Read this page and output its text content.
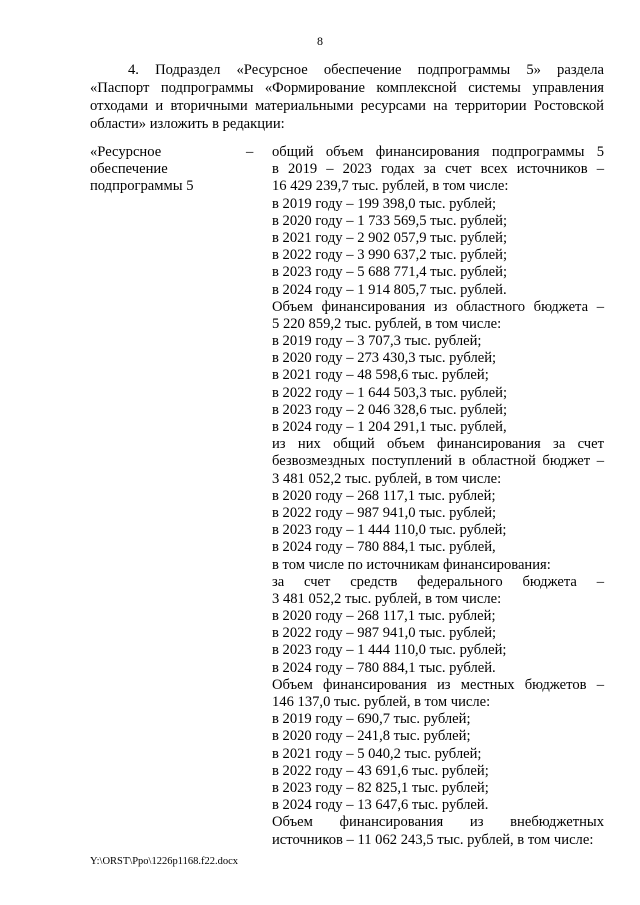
8
4. Подраздел «Ресурсное обеспечение подпрограммы 5» раздела
«Паспорт подпрограммы «Формирование комплексной системы управления
отходами и вторичными материальными ресурсами на территории Ростовской
области» изложить в редакции:
«Ресурсное
обеспечение
подпрограммы 5
– общий объем финансирования подпрограммы 5
в 2019 – 2023 годах за счет всех источников –
16 429 239,7 тыс. рублей, в том числе:
в 2019 году – 199 398,0 тыс. рублей;
в 2020 году – 1 733 569,5 тыс. рублей;
в 2021 году – 2 902 057,9 тыс. рублей;
в 2022 году – 3 990 637,2 тыс. рублей;
в 2023 году – 5 688 771,4 тыс. рублей;
в 2024 году – 1 914 805,7 тыс. рублей.
Объем финансирования из областного бюджета –
5 220 859,2 тыс. рублей, в том числе:
в 2019 году – 3 707,3 тыс. рублей;
в 2020 году – 273 430,3 тыс. рублей;
в 2021 году – 48 598,6 тыс. рублей;
в 2022 году – 1 644 503,3 тыс. рублей;
в 2023 году – 2 046 328,6 тыс. рублей;
в 2024 году – 1 204 291,1 тыс. рублей,
из них общий объем финансирования за счет
безвозмездных поступлений в областной бюджет –
3 481 052,2 тыс. рублей, в том числе:
в 2020 году – 268 117,1 тыс. рублей;
в 2022 году – 987 941,0 тыс. рублей;
в 2023 году – 1 444 110,0 тыс. рублей;
в 2024 году – 780 884,1 тыс. рублей,
в том числе по источникам финансирования:
за счет средств федерального бюджета –
3 481 052,2 тыс. рублей, в том числе:
в 2020 году – 268 117,1 тыс. рублей;
в 2022 году – 987 941,0 тыс. рублей;
в 2023 году – 1 444 110,0 тыс. рублей;
в 2024 году – 780 884,1 тыс. рублей.
Объем финансирования из местных бюджетов –
146 137,0 тыс. рублей, в том числе:
в 2019 году – 690,7 тыс. рублей;
в 2020 году – 241,8 тыс. рублей;
в 2021 году – 5 040,2 тыс. рублей;
в 2022 году – 43 691,6 тыс. рублей;
в 2023 году – 82 825,1 тыс. рублей;
в 2024 году – 13 647,6 тыс. рублей.
Объем финансирования из внебюджетных
источников – 11 062 243,5 тыс. рублей, в том числе:
Y:\ORST\Ppo\1226p1168.f22.docx
